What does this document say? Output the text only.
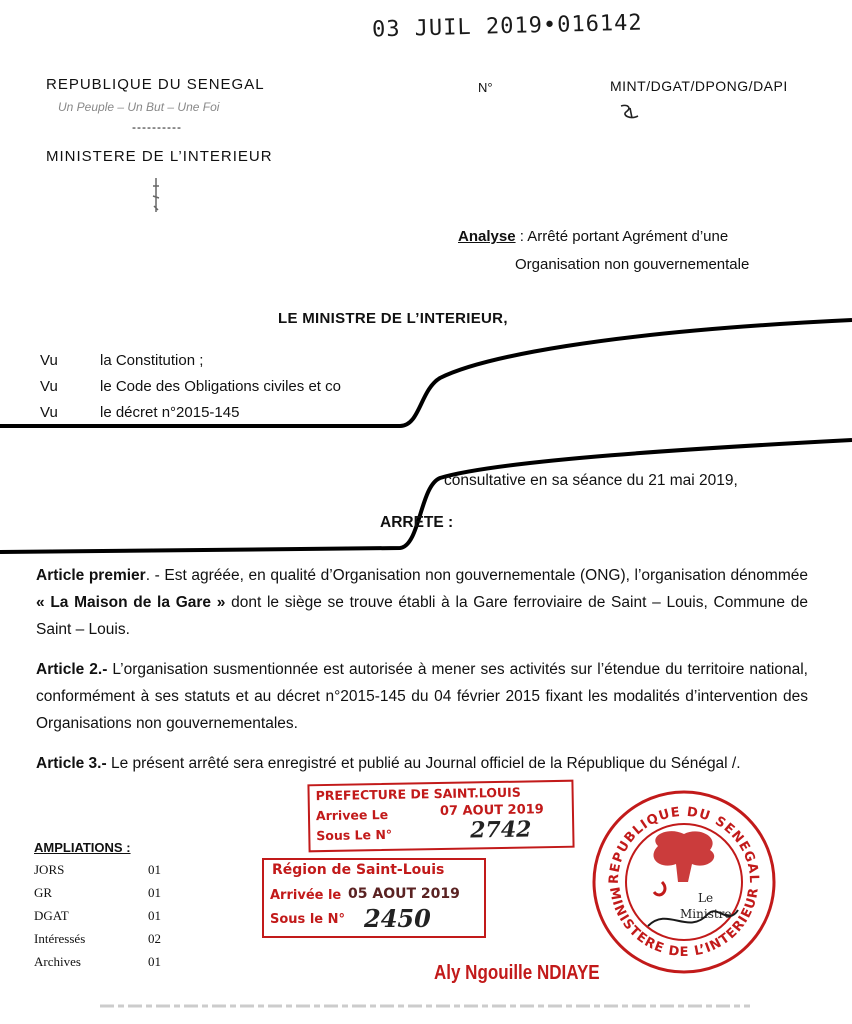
03 JUIL 2019•016142
REPUBLIQUE DU SENEGAL
Un Peuple – Un But – Une Foi
----------
MINISTERE DE L’INTERIEUR
N°	MINT/DGAT/DPONG/DAPI
Analyse : Arrêté portant Agrément d’une
Organisation non gouvernementale
LE MINISTRE DE L’INTERIEUR,
Vu	la Constitution ;
Vu	le Code des Obligations civiles et co
Vu	le décret n°2015-145
consultative en sa séance du 21 mai 2019,
ARRETE :
Article premier. - Est agréée, en qualité d’Organisation non gouvernementale (ONG), l’organisation dénommée « La Maison de la Gare » dont le siège se trouve établi à la Gare ferroviaire de Saint – Louis, Commune de Saint – Louis.
Article 2.- L’organisation susmentionnée est autorisée à mener ses activités sur l’étendue du territoire national, conformément à ses statuts et au décret n°2015-145 du 04 février 2015 fixant les modalités d’intervention des Organisations non gouvernementales.
Article 3.- Le présent arrêté sera enregistré et publié au Journal officiel de la République du Sénégal /.
AMPLIATIONS :
JORS	01
GR	01
DGAT	01
Intéressés	02
Archives	01
PREFECTURE DE SAINT.LOUIS
Arrivee Le	07 AOUT 2019
Sous Le N°	2742
Région de Saint-Louis
Arrivée le 05 AOUT 2019
Sous le N° 2450
REPUBLIQUE DU SENEGAL
MINISTERE DE L’INTERIEUR
Le
Ministre
Aly Ngouille NDIAYE
